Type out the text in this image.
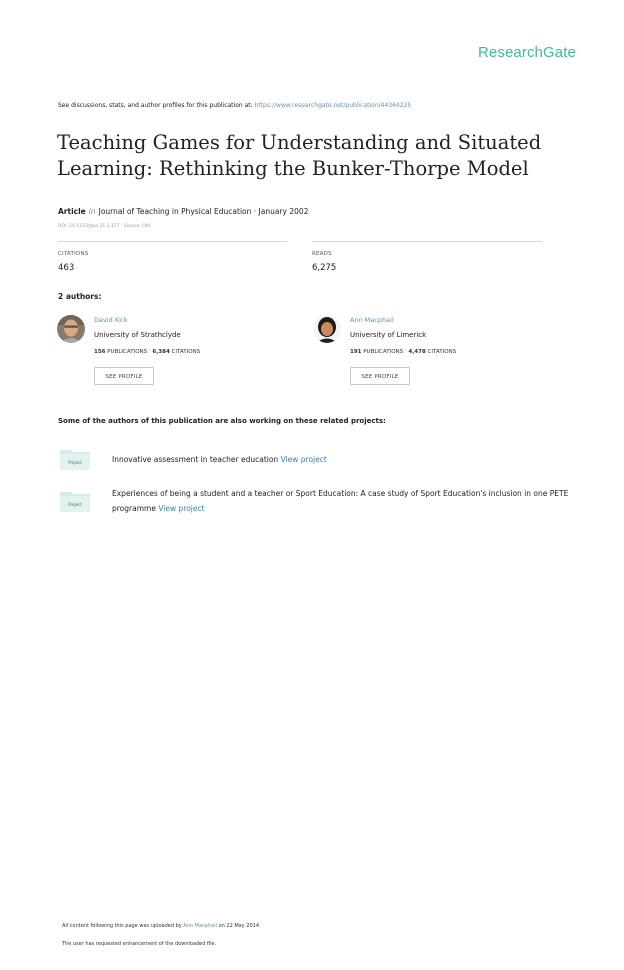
ResearchGate
See discussions, stats, and author profiles for this publication at: https://www.researchgate.net/publication/44364225
Teaching Games for Understanding and Situated Learning: Rethinking the Bunker-Thorpe Model
Article in Journal of Teaching in Physical Education · January 2002
DOI: 10.1123/jtpe.21.2.177 · Source: OAI
CITATIONS
463
READS
6,275
2 authors:
David Kirk
University of Strathclyde
156 PUBLICATIONS 6,384 CITATIONS
SEE PROFILE
Ann Macphail
University of Limerick
191 PUBLICATIONS 4,478 CITATIONS
SEE PROFILE
Some of the authors of this publication are also working on these related projects:
Project	Innovative assessment in teacher education View project
Project
Experiences of being a student and a teacher or Sport Education: A case study of Sport Education's inclusion in one PETE programme View project
All content following this page was uploaded by Ann Macphail on 22 May 2014.
The user has requested enhancement of the downloaded file.
